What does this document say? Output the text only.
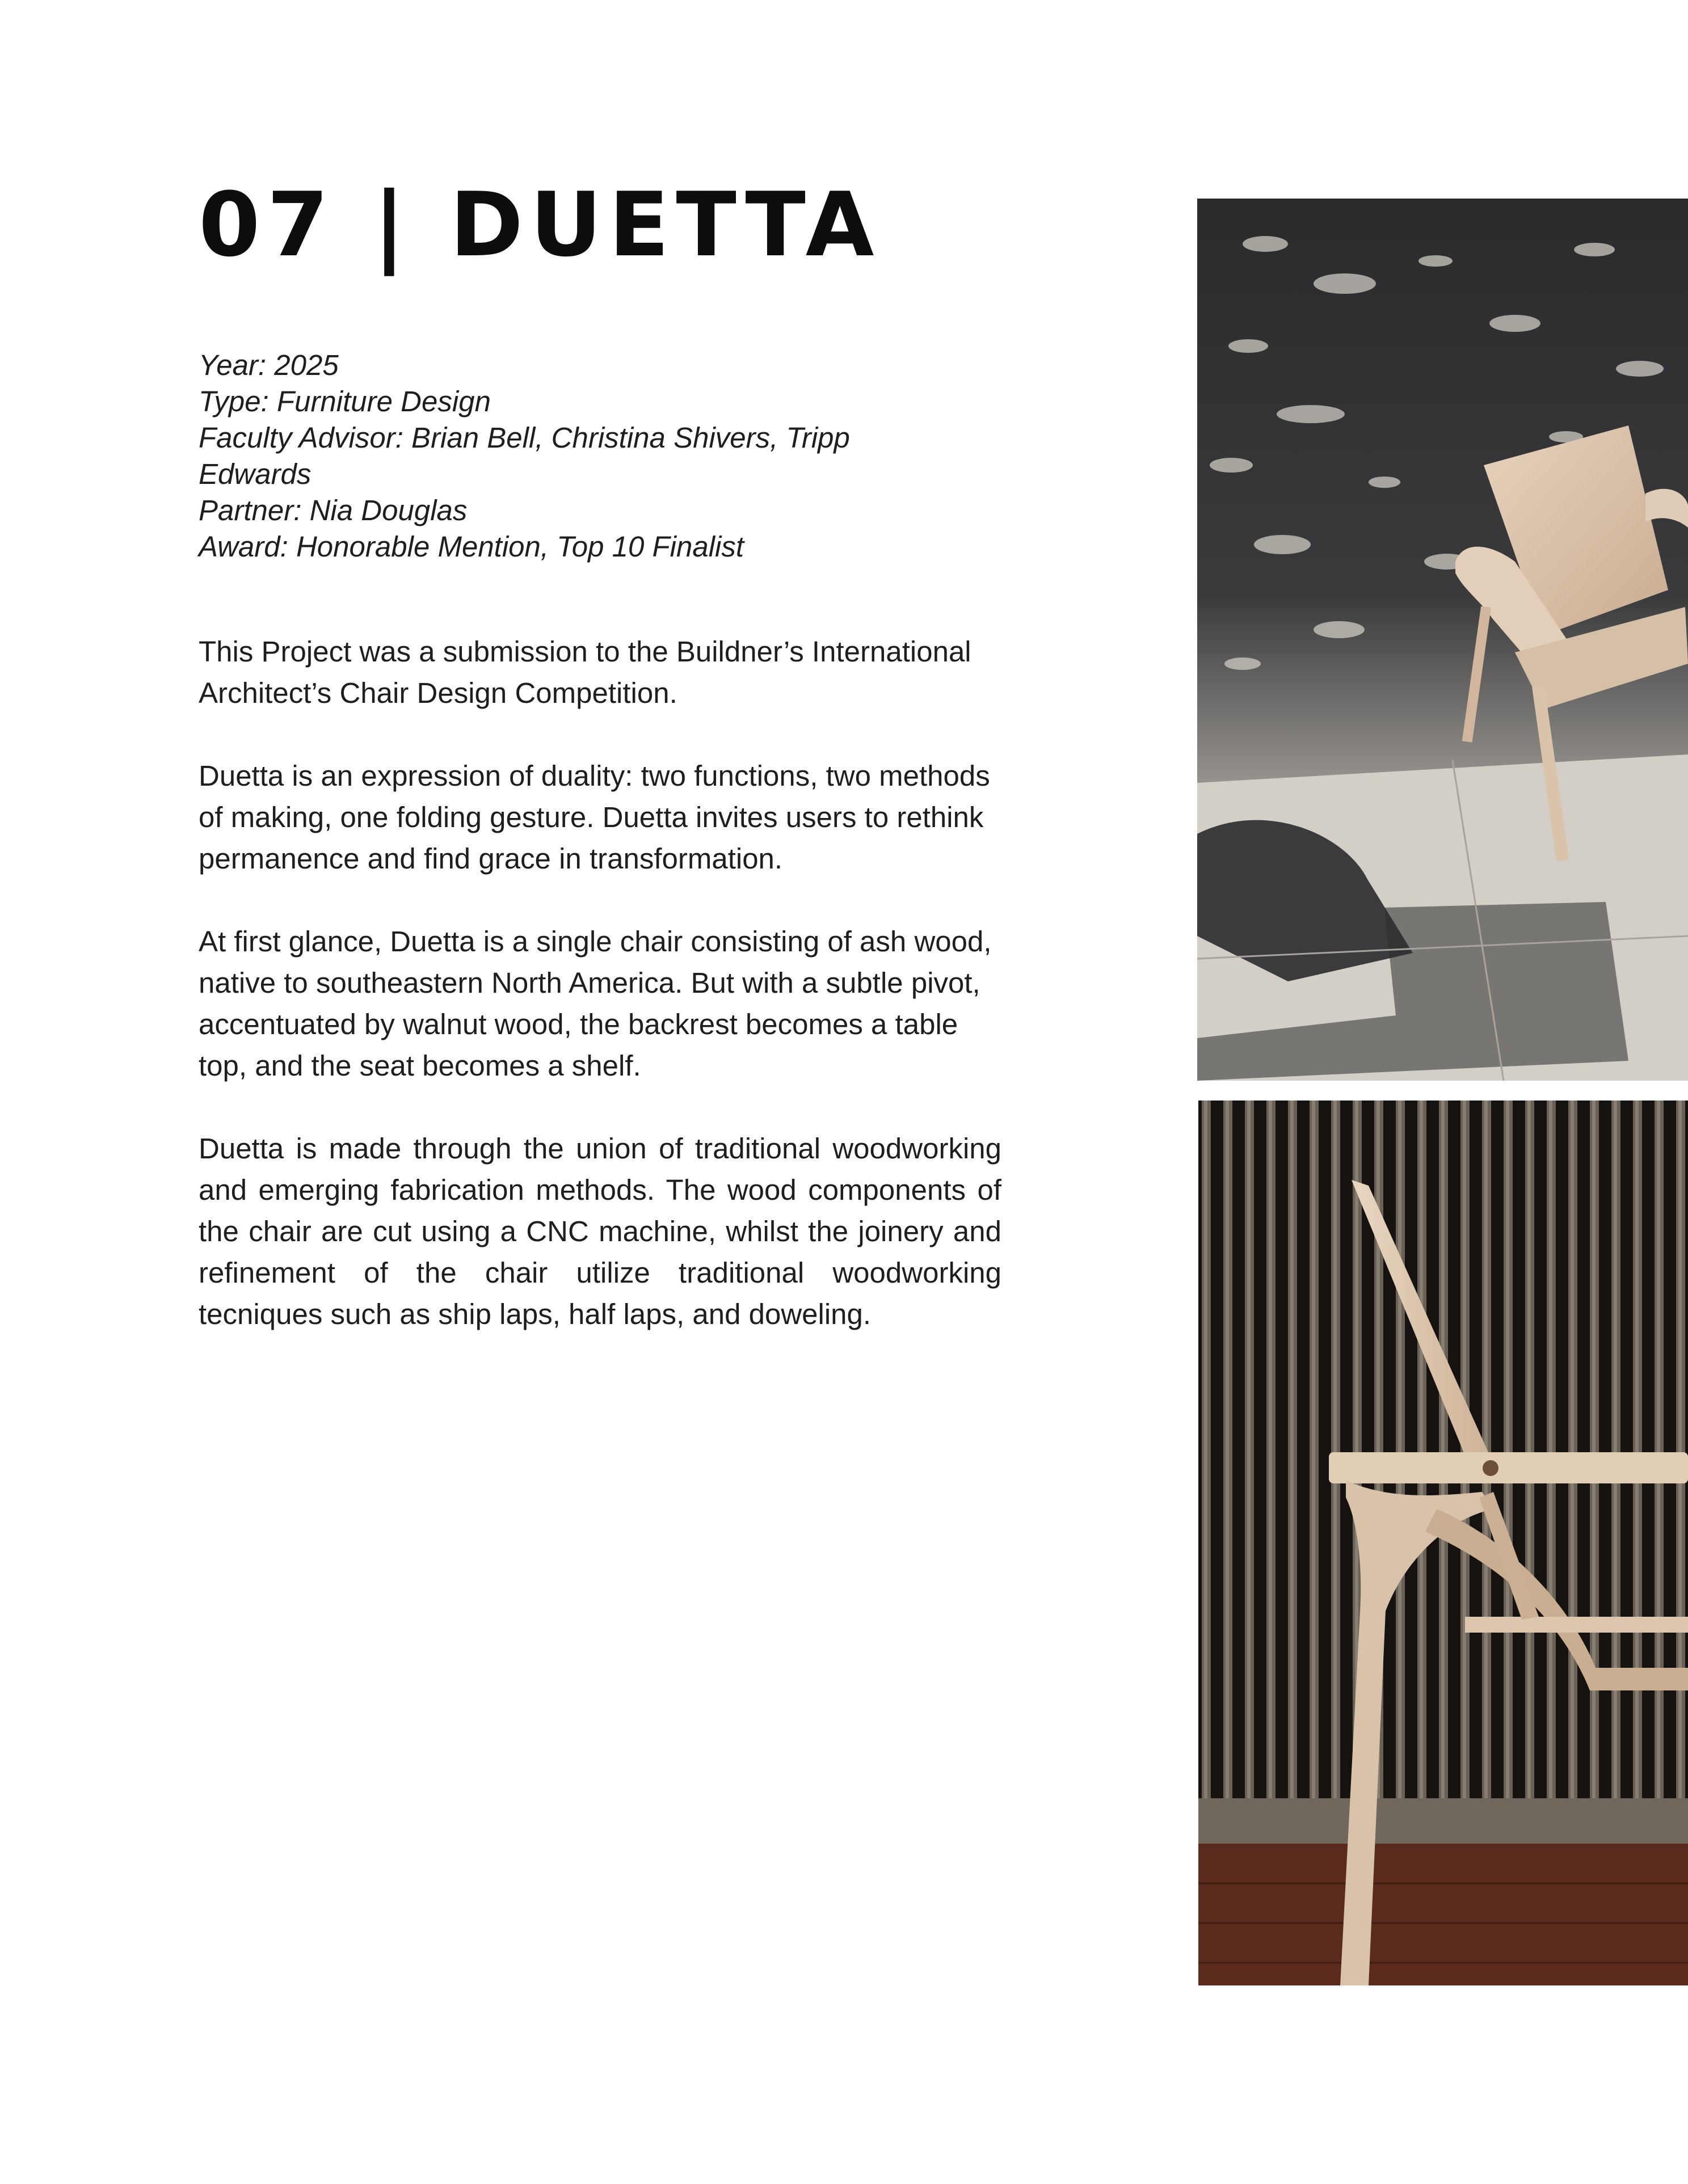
07 | DUETTA
Year: 2025
Type: Furniture Design
Faculty Advisor: Brian Bell, Christina Shivers, Tripp Edwards
Partner: Nia Douglas
Award: Honorable Mention, Top 10 Finalist

This Project was a submission to the Buildner’s International Architect’s Chair Design Competition.

Duetta is an expression of duality: two functions, two methods of making, one folding gesture. Duetta invites users to rethink permanence and find grace in transformation.

At first glance, Duetta is a single chair consisting of ash wood, native to southeastern North America. But with a subtle pivot, accentuated by walnut wood, the backrest becomes a table top, and the seat becomes a shelf.

Duetta is made through the union of traditional woodworking and emerging fabrication methods. The wood components of the chair are cut using a CNC machine, whilst the joinery and refinement of the chair utilize traditional woodworking tecniques such as ship laps, half laps, and doweling.
